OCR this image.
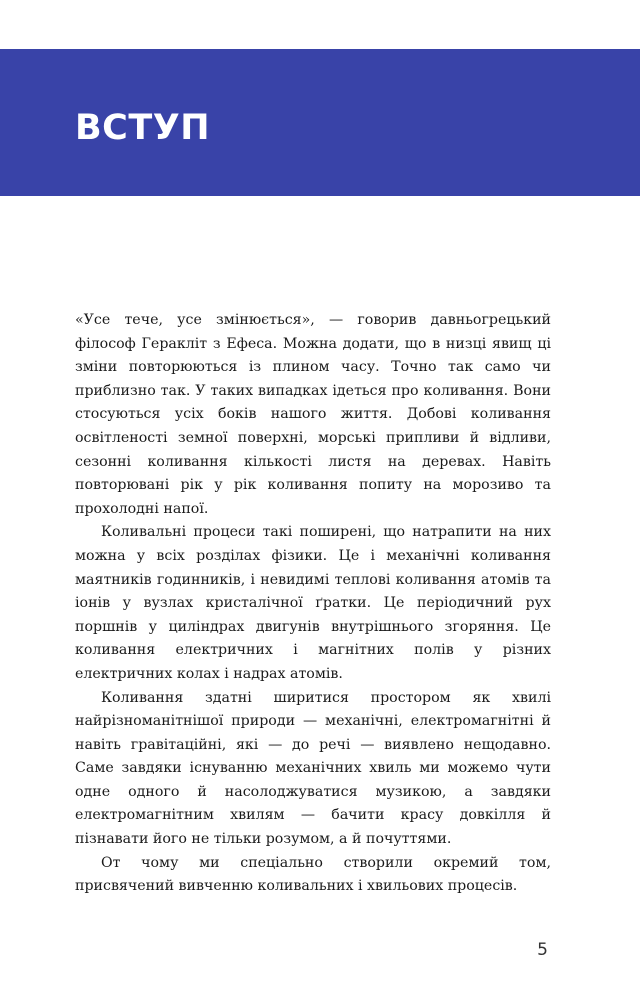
ВСТУП

«Усе тече, усе змінюється», — говорив давньогрецький філософ Геракліт з Ефеса. Можна додати, що в низці явищ ці зміни повторюються із плином часу. Точно так само чи приблизно так. У таких випадках ідеться про коливання. Вони стосуються усіх боків нашого життя. Добові коливання освітленості земної поверхні, морські припливи й відливи, сезонні коливання кількості листя на деревах. Навіть повторювані рік у рік коливання попиту на морозиво та прохолодні напої.

Коливальні процеси такі поширені, що натрапити на них можна у всіх розділах фізики. Це і механічні коливання маятників годинників, і невидимі теплові коливання атомів та іонів у вузлах кристалічної ґратки. Це періодичний рух поршнів у циліндрах двигунів внутрішнього згоряння. Це коливання електричних і магнітних полів у різних електричних колах і надрах атомів.

Коливання здатні ширитися простором як хвилі найрізноманітнішої природи — механічні, електромагнітні й навіть гравітаційні, які — до речі — виявлено нещодавно. Саме завдяки існуванню механічних хвиль ми можемо чути одне одного й насолоджуватися музикою, а завдяки електромагнітним хвилям — бачити красу довкілля й пізнавати його не тільки розумом, а й почуттями.

От чому ми спеціально створили окремий том, присвячений вивченню коливальних і хвильових процесів.

5
